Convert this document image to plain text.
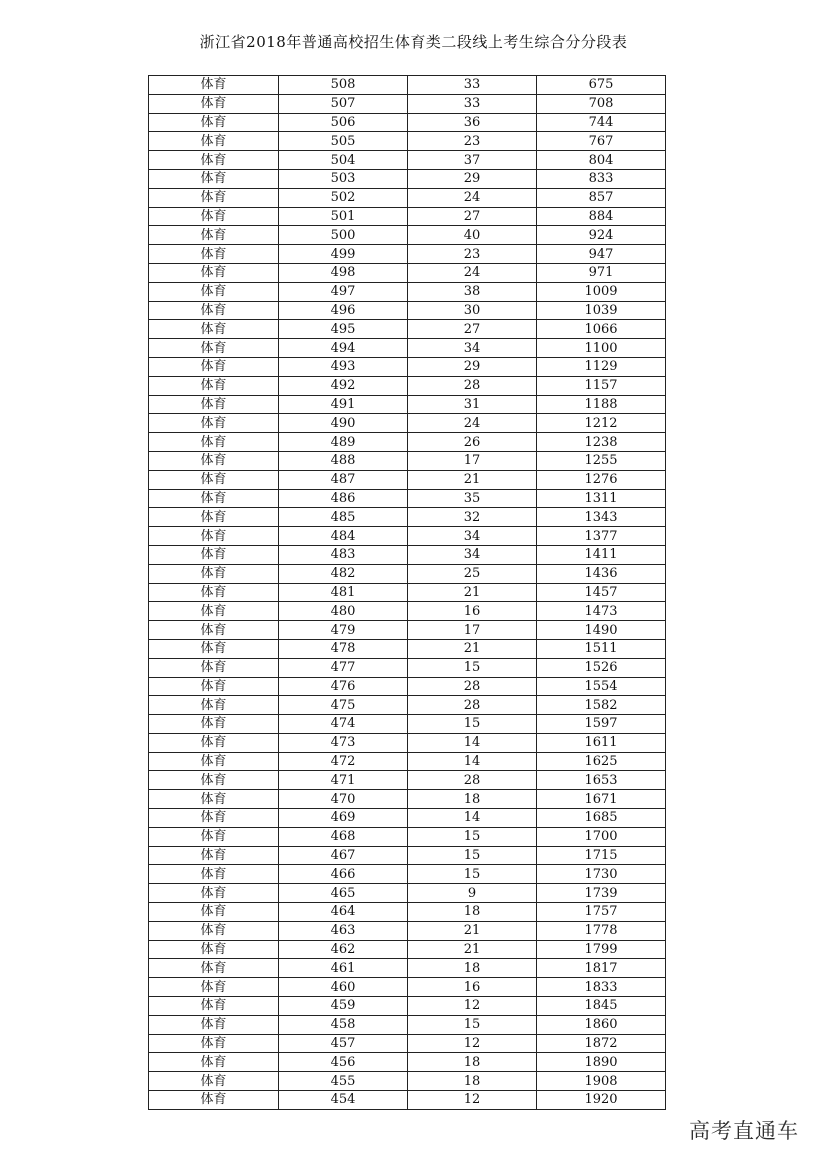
浙江省2018年普通高校招生体育类二段线上考生综合分分段表
体育	508	33	675
体育	507	33	708
体育	506	36	744
体育	505	23	767
体育	504	37	804
体育	503	29	833
体育	502	24	857
体育	501	27	884
体育	500	40	924
体育	499	23	947
体育	498	24	971
体育	497	38	1009
体育	496	30	1039
体育	495	27	1066
体育	494	34	1100
体育	493	29	1129
体育	492	28	1157
体育	491	31	1188
体育	490	24	1212
体育	489	26	1238
体育	488	17	1255
体育	487	21	1276
体育	486	35	1311
体育	485	32	1343
体育	484	34	1377
体育	483	34	1411
体育	482	25	1436
体育	481	21	1457
体育	480	16	1473
体育	479	17	1490
体育	478	21	1511
体育	477	15	1526
体育	476	28	1554
体育	475	28	1582
体育	474	15	1597
体育	473	14	1611
体育	472	14	1625
体育	471	28	1653
体育	470	18	1671
体育	469	14	1685
体育	468	15	1700
体育	467	15	1715
体育	466	15	1730
体育	465	9	1739
体育	464	18	1757
体育	463	21	1778
体育	462	21	1799
体育	461	18	1817
体育	460	16	1833
体育	459	12	1845
体育	458	15	1860
体育	457	12	1872
体育	456	18	1890
体育	455	18	1908
体育	454	12	1920
高考直通车
